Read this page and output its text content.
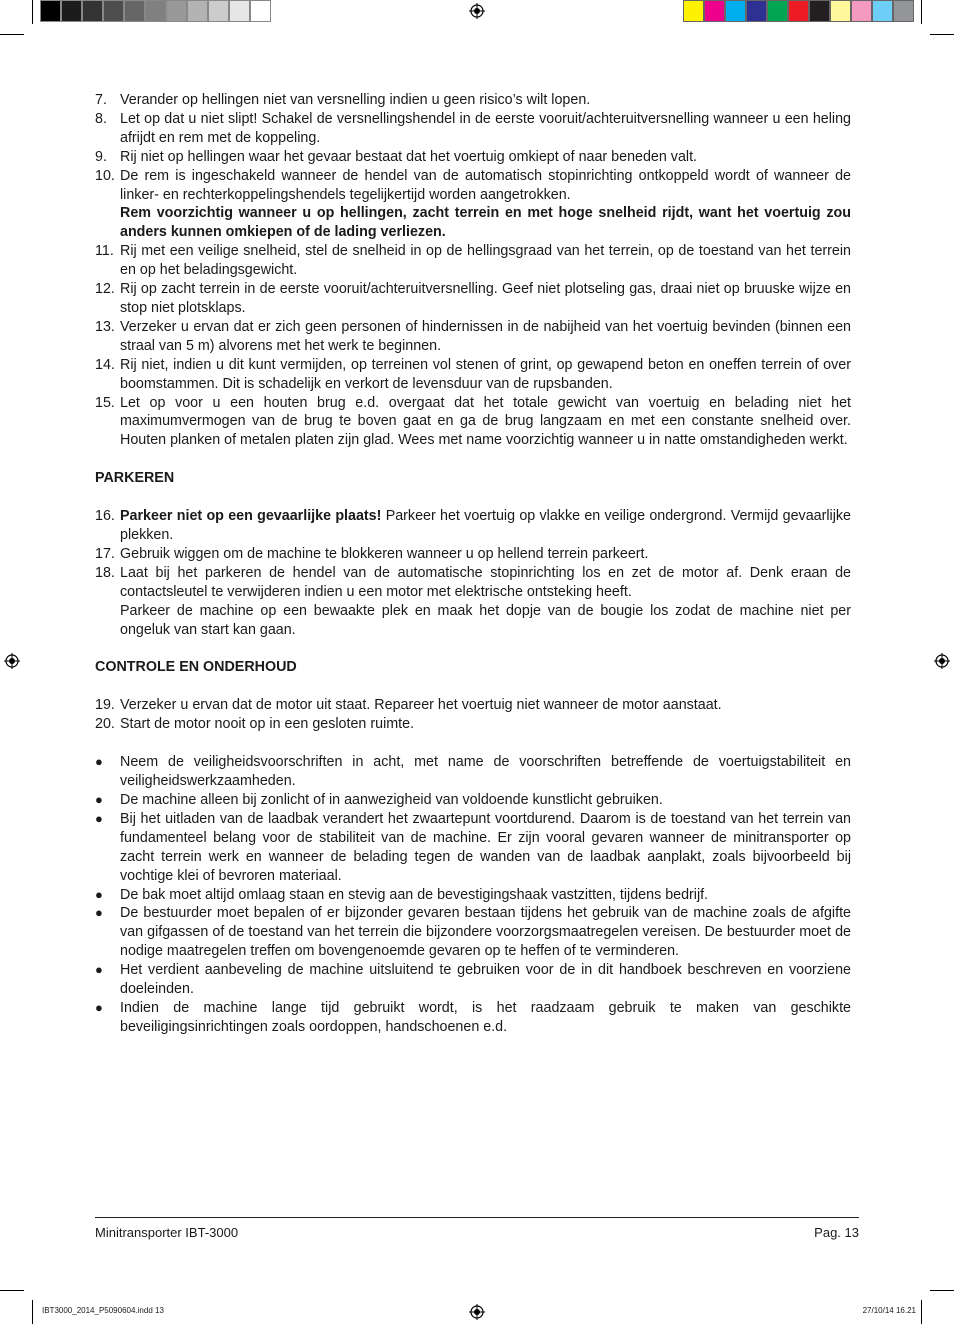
7. Verander op hellingen niet van versnelling indien u geen risico’s wilt lopen.
8. Let op dat u niet slipt! Schakel de versnellingshendel in de eerste vooruit/achteruitversnelling wanneer u een heling afrijdt en rem met de koppeling.
9. Rij niet op hellingen waar het gevaar bestaat dat het voertuig omkiept of naar beneden valt.
10. De rem is ingeschakeld wanneer de hendel van de automatisch stopinrichting ontkoppeld wordt of wanneer de linker- en rechterkoppelingshendels tegelijkertijd worden aangetrokken.
Rem voorzichtig wanneer u op hellingen, zacht terrein en met hoge snelheid rijdt, want het voertuig zou anders kunnen omkiepen of de lading verliezen.
11. Rij met een veilige snelheid, stel de snelheid in op de hellingsgraad van het terrein, op de toestand van het terrein en op het beladingsgewicht.
12. Rij op zacht terrein in de eerste vooruit/achteruitversnelling. Geef niet plotseling gas, draai niet op bruuske wijze en stop niet plotsklaps.
13. Verzeker u ervan dat er zich geen personen of hindernissen in de nabijheid van het voertuig bevinden (binnen een straal van 5 m) alvorens met het werk te beginnen.
14. Rij niet, indien u dit kunt vermijden, op terreinen vol stenen of grint, op gewapend beton en oneffen terrein of over boomstammen. Dit is schadelijk en verkort de levensduur van de rupsbanden.
15. Let op voor u een houten brug e.d. overgaat dat het totale gewicht van voertuig en belading niet het maximumvermogen van de brug te boven gaat en ga de brug langzaam en met een constante snelheid over. Houten planken of metalen platen zijn glad. Wees met name voorzichtig wanneer u in natte omstandigheden werkt.
PARKEREN
16. Parkeer niet op een gevaarlijke plaats! Parkeer het voertuig op vlakke en veilige ondergrond. Vermijd gevaarlijke plekken.
17. Gebruik wiggen om de machine te blokkeren wanneer u op hellend terrein parkeert.
18. Laat bij het parkeren de hendel van de automatische stopinrichting los en zet de motor af. Denk eraan de contactsleutel te verwijderen indien u een motor met elektrische ontsteking heeft.
Parkeer de machine op een bewaakte plek en maak het dopje van de bougie los zodat de machine niet per ongeluk van start kan gaan.
CONTROLE EN ONDERHOUD
19. Verzeker u ervan dat de motor uit staat. Repareer het voertuig niet wanneer de motor aanstaat.
20. Start de motor nooit op in een gesloten ruimte.
●	Neem de veiligheidsvoorschriften in acht, met name de voorschriften betreffende de voertuigstabiliteit en veiligheidswerkzaamheden.
●	De machine alleen bij zonlicht of in aanwezigheid van voldoende kunstlicht gebruiken.
●	Bij het uitladen van de laadbak verandert het zwaartepunt voortdurend. Daarom is de toestand van het terrein van fundamenteel belang voor de stabiliteit van de machine. Er zijn vooral gevaren wanneer de minitransporter op zacht terrein werk en wanneer de belading tegen de wanden van de laadbak aanplakt, zoals bijvoorbeeld bij vochtige klei of bevroren materiaal.
●	De bak moet altijd omlaag staan en stevig aan de bevestigingshaak vastzitten, tijdens bedrijf.
●	De bestuurder moet bepalen of er bijzonder gevaren bestaan tijdens het gebruik van de machine zoals de afgifte van gifgassen of de toestand van het terrein die bijzondere voorzorgsmaatregelen vereisen. De bestuurder moet de nodige maatregelen treffen om bovengenoemde gevaren op te heffen of te verminderen.
●	Het verdient aanbeveling de machine uitsluitend te gebruiken voor de in dit handboek beschreven en voorziene doeleinden.
●	Indien de machine lange tijd gebruikt wordt, is het raadzaam gebruik te maken van geschikte beveiligingsinrichtingen zoals oordoppen, handschoenen e.d.
Minitransporter IBT-3000	Pag. 13
IBT3000_2014_P5090604.indd 13	27/10/14 16.21
